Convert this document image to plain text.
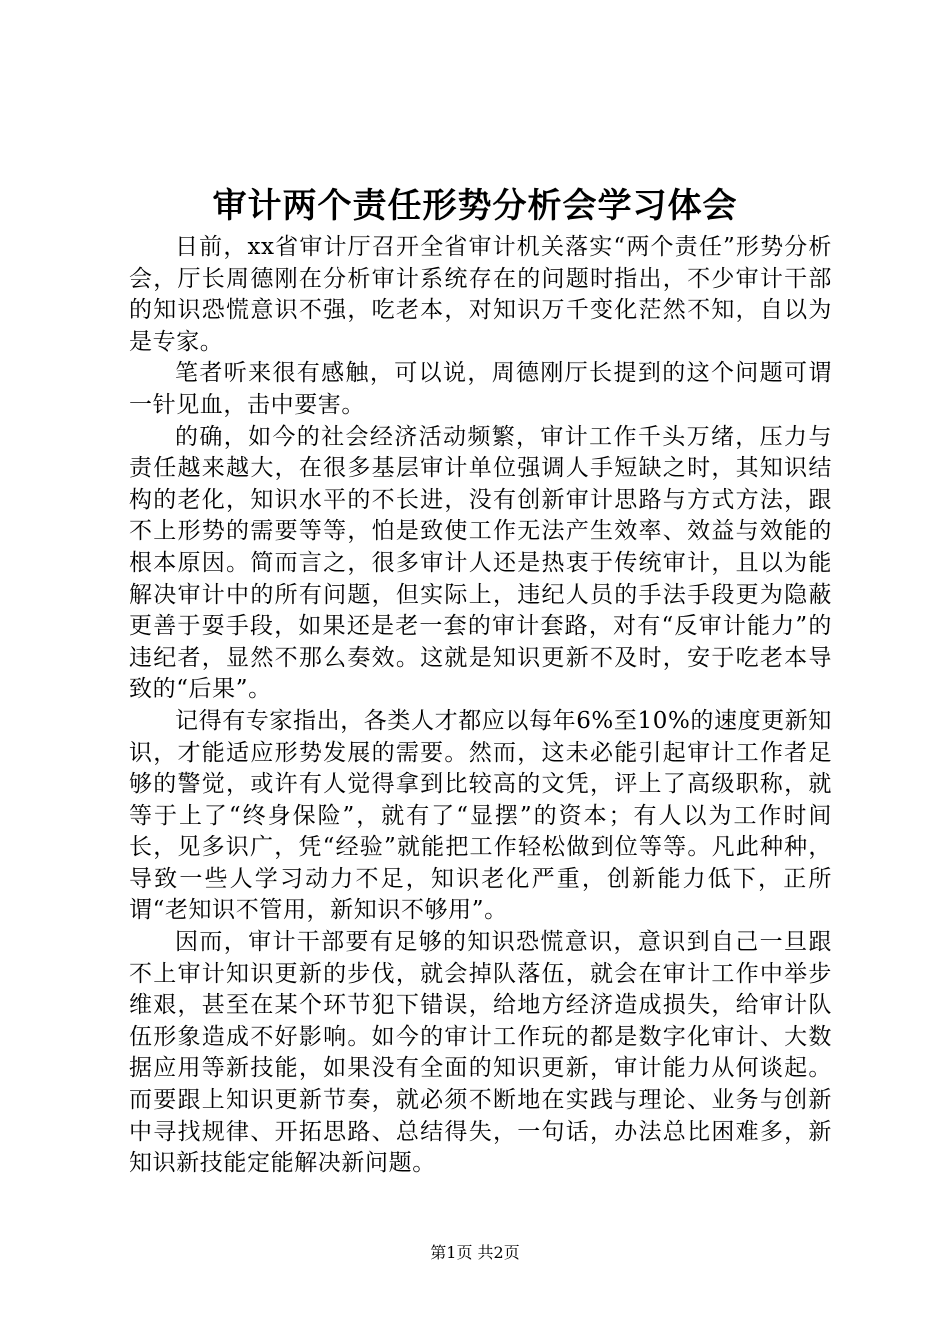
审计两个责任形势分析会学习体会

日前，xx省审计厅召开全省审计机关落实“两个责任”形势分析会，厅长周德刚在分析审计系统存在的问题时指出，不少审计干部的知识恐慌意识不强，吃老本，对知识万千变化茫然不知，自以为是专家。

笔者听来很有感触，可以说，周德刚厅长提到的这个问题可谓一针见血，击中要害。

的确，如今的社会经济活动频繁，审计工作千头万绪，压力与责任越来越大，在很多基层审计单位强调人手短缺之时，其知识结构的老化，知识水平的不长进，没有创新审计思路与方式方法，跟不上形势的需要等等，怕是致使工作无法产生效率、效益与效能的根本原因。简而言之，很多审计人还是热衷于传统审计，且以为能解决审计中的所有问题，但实际上，违纪人员的手法手段更为隐蔽更善于耍手段，如果还是老一套的审计套路，对有“反审计能力”的违纪者，显然不那么奏效。这就是知识更新不及时，安于吃老本导致的“后果”。

记得有专家指出，各类人才都应以每年6%至10%的速度更新知识，才能适应形势发展的需要。然而，这未必能引起审计工作者足够的警觉，或许有人觉得拿到比较高的文凭，评上了高级职称，就等于上了“终身保险”，就有了“显摆”的资本；有人以为工作时间长，见多识广，凭“经验”就能把工作轻松做到位等等。凡此种种，导致一些人学习动力不足，知识老化严重，创新能力低下，正所谓“老知识不管用，新知识不够用”。

因而，审计干部要有足够的知识恐慌意识，意识到自己一旦跟不上审计知识更新的步伐，就会掉队落伍，就会在审计工作中举步维艰，甚至在某个环节犯下错误，给地方经济造成损失，给审计队伍形象造成不好影响。如今的审计工作玩的都是数字化审计、大数据应用等新技能，如果没有全面的知识更新，审计能力从何谈起。而要跟上知识更新节奏，就必须不断地在实践与理论、业务与创新中寻找规律、开拓思路、总结得失，一句话，办法总比困难多，新知识新技能定能解决新问题。

第1页 共2页
